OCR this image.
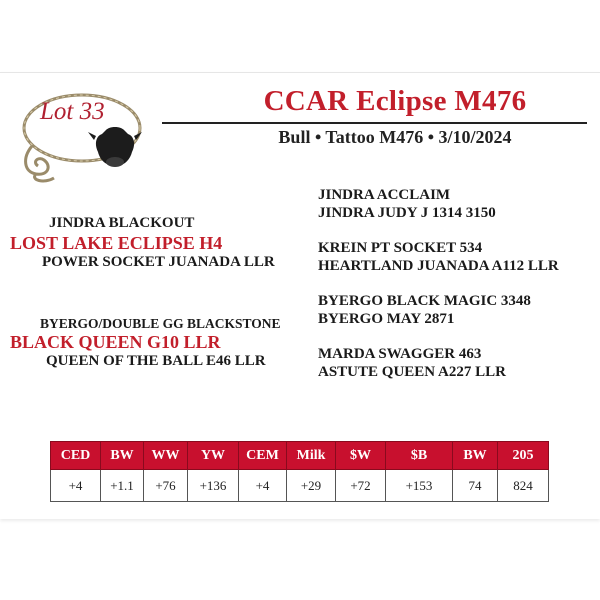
Lot 33	CCAR Eclipse M476
Bull • Tattoo M476 • 3/10/2024
JINDRA BLACKOUT
LOST LAKE ECLIPSE H4
POWER SOCKET JUANADA LLR
BYERGO/DOUBLE GG BLACKSTONE
BLACK QUEEN G10 LLR
QUEEN OF THE BALL E46 LLR
JINDRA ACCLAIM
JINDRA JUDY J 1314 3150
KREIN PT SOCKET 534
HEARTLAND JUANADA A112 LLR
BYERGO BLACK MAGIC 3348
BYERGO MAY 2871
MARDA SWAGGER 463
ASTUTE QUEEN A227 LLR
CED	BW	WW	YW	CEM	Milk	$W	$B	BW	205
+4	+1.1	+76	+136	+4	+29	+72	+153	74	824
